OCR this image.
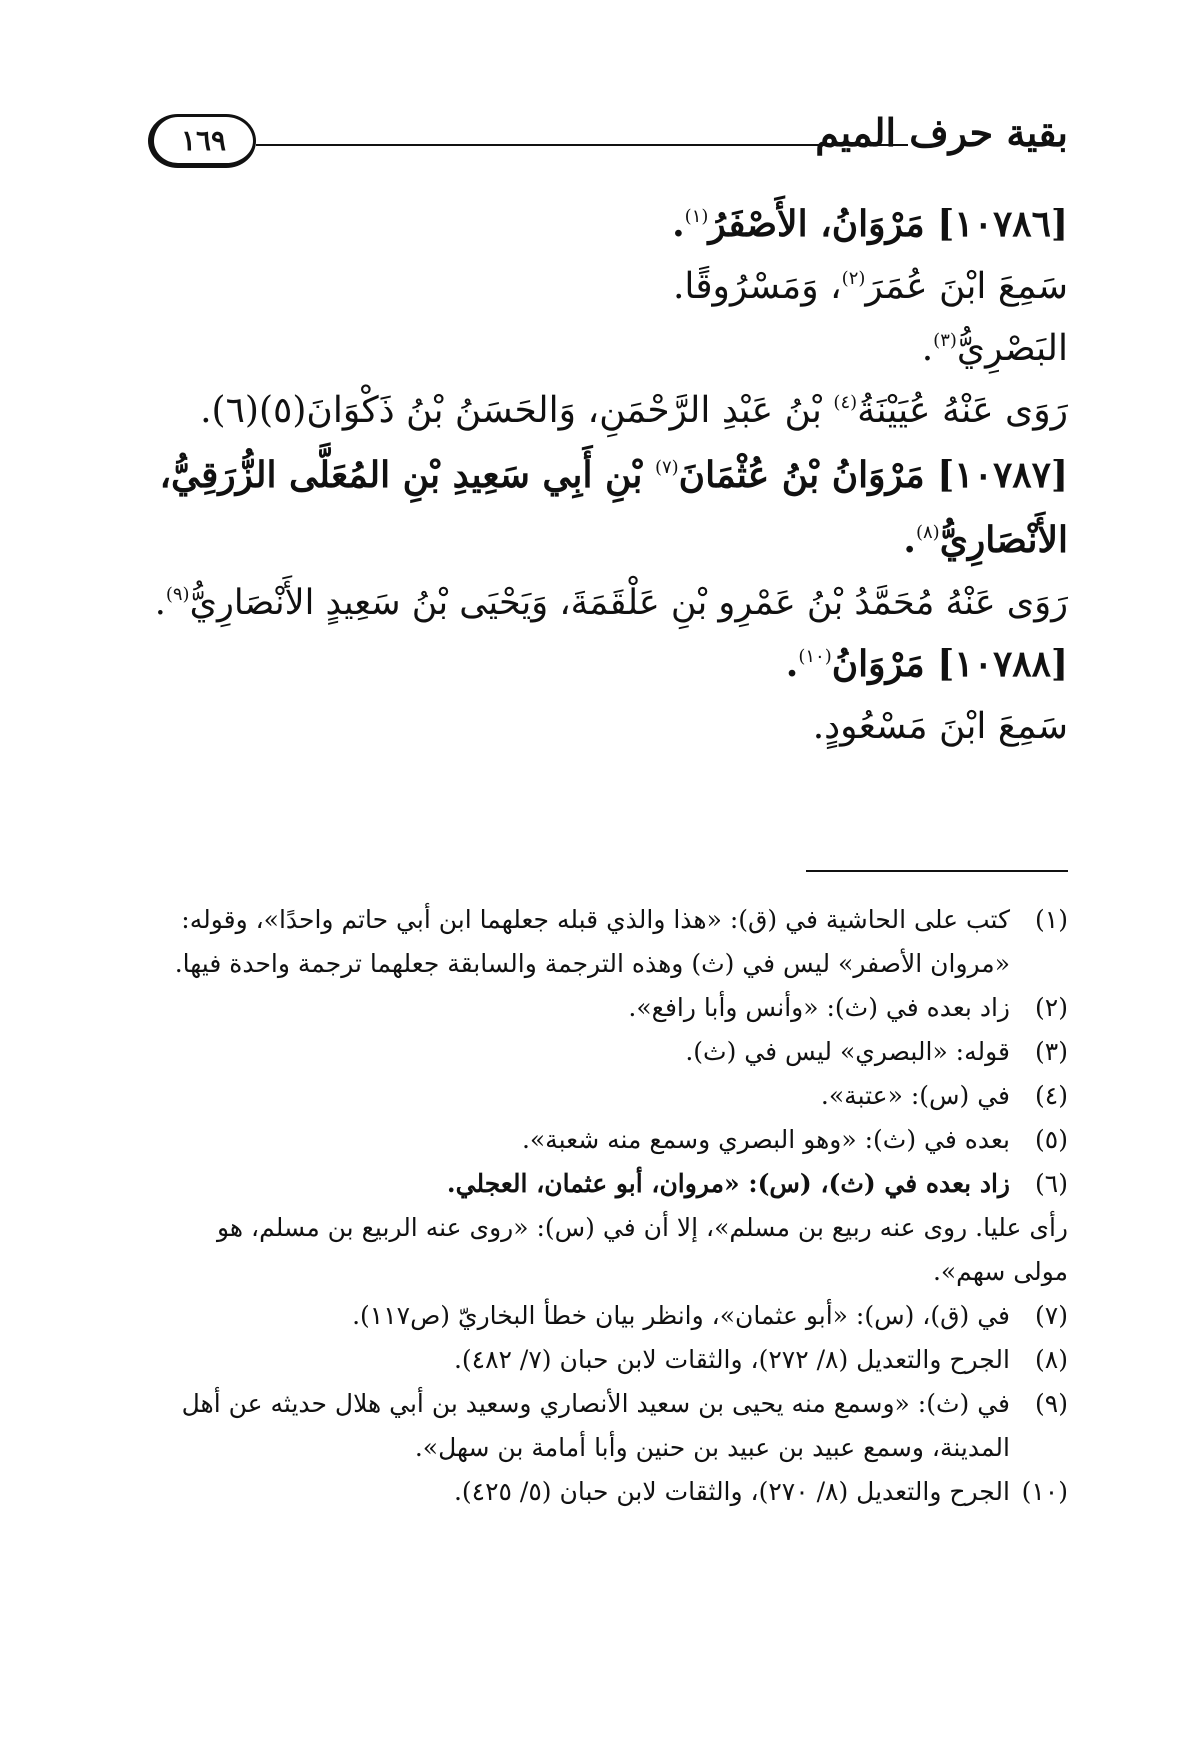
بقية حرف الميم
١٦٩
[١٠٧٨٦] مَرْوَانُ، الأَصْفَرُ$^{(١)}$.
سَمِعَ ابْنَ عُمَرَ$^{(٢)}$، وَمَسْرُوقًا.
البَصْرِيُّ$^{(٣)}$.
رَوَى عَنْهُ عُيَيْنَةُ$^{(٤)}$ بْنُ عَبْدِ الرَّحْمَنِ، وَالحَسَنُ بْنُ ذَكْوَانَ(٥)(٦).
[١٠٧٨٧] مَرْوَانُ بْنُ عُثْمَانَ$^{(٧)}$ بْنِ أَبِي سَعِيدِ بْنِ المُعَلَّى الزُّرَقِيُّ،
الأَنْصَارِيُّ$^{(٨)}$.
رَوَى عَنْهُ مُحَمَّدُ بْنُ عَمْرِو بْنِ عَلْقَمَةَ، وَيَحْيَى بْنُ سَعِيدٍ الأَنْصَارِيُّ$^{(٩)}$.
[١٠٧٨٨] مَرْوَانُ$^{(١٠)}$.
سَمِعَ ابْنَ مَسْعُودٍ.
(١)
كتب على الحاشية في (ق): «هذا والذي قبله جعلهما ابن أبي حاتم واحدًا»، وقوله:
«مروان الأصفر» ليس في (ث) وهذه الترجمة والسابقة جعلهما ترجمة واحدة فيها.
(٢)
زاد بعده في (ث): «وأنس وأبا رافع».
(٣)
قوله: «البصري» ليس في (ث).
(٤)
في (س): «عتبة».
(٥)
بعده في (ث): «وهو البصري وسمع منه شعبة».
(٦)
زاد بعده في (ث)، (س): «مروان، أبو عثمان، العجلي.
رأى عليا. روى عنه ربيع بن مسلم»، إلا أن في (س): «روى عنه الربيع بن مسلم، هو
مولى سهم».
(٧)
في (ق)، (س): «أبو عثمان»، وانظر بيان خطأ البخاريّ (ص١١٧).
(٨)
الجرح والتعديل (٨/ ٢٧٢)، والثقات لابن حبان (٧/ ٤٨٢).
(٩)
في (ث): «وسمع منه يحيى بن سعيد الأنصاري وسعيد بن أبي هلال حديثه عن أهل
المدينة، وسمع عبيد بن عبيد بن حنين وأبا أمامة بن سهل».
(١٠)
الجرح والتعديل (٨/ ٢٧٠)، والثقات لابن حبان (٥/ ٤٢٥).
